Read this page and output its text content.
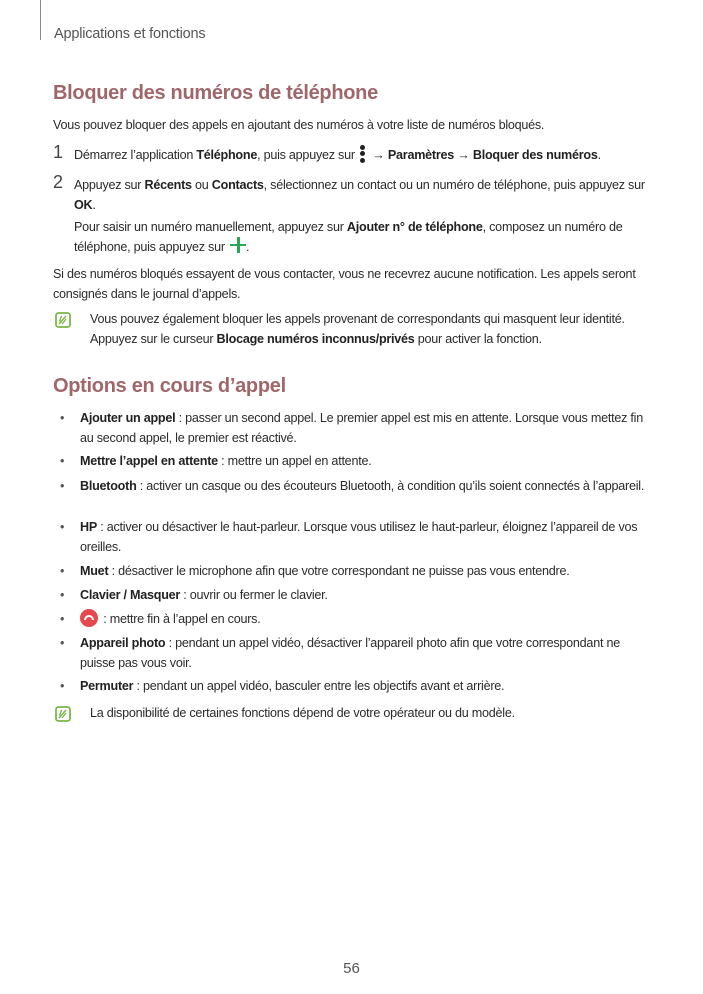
Applications et fonctions
Bloquer des numéros de téléphone
Vous pouvez bloquer des appels en ajoutant des numéros à votre liste de numéros bloqués.
1 Démarrez l’application Téléphone, puis appuyez sur
→ Paramètres → Bloquer des numéros.
2 Appuyez sur Récents ou Contacts, sélectionnez un contact ou un numéro de téléphone, puis appuyez sur OK.
Pour saisir un numéro manuellement, appuyez sur Ajouter n° de téléphone, composez un numéro de téléphone, puis appuyez sur .
Si des numéros bloqués essayent de vous contacter, vous ne recevrez aucune notification. Les appels seront consignés dans le journal d’appels.
Vous pouvez également bloquer les appels provenant de correspondants qui masquent leur identité. Appuyez sur le curseur Blocage numéros inconnus/privés pour activer la fonction.
Options en cours d’appel
• Ajouter un appel : passer un second appel. Le premier appel est mis en attente. Lorsque vous mettez fin au second appel, le premier est réactivé.
• Mettre l’appel en attente : mettre un appel en attente.
• Bluetooth : activer un casque ou des écouteurs Bluetooth, à condition qu’ils soient connectés à l’appareil.
• HP : activer ou désactiver le haut-parleur. Lorsque vous utilisez le haut-parleur, éloignez l’appareil de vos oreilles.
• Muet : désactiver le microphone afin que votre correspondant ne puisse pas vous entendre.
• Clavier / Masquer : ouvrir ou fermer le clavier.
•	: mettre fin à l’appel en cours.
• Appareil photo : pendant un appel vidéo, désactiver l’appareil photo afin que votre correspondant ne puisse pas vous voir.
• Permuter : pendant un appel vidéo, basculer entre les objectifs avant et arrière.
La disponibilité de certaines fonctions dépend de votre opérateur ou du modèle.
56
